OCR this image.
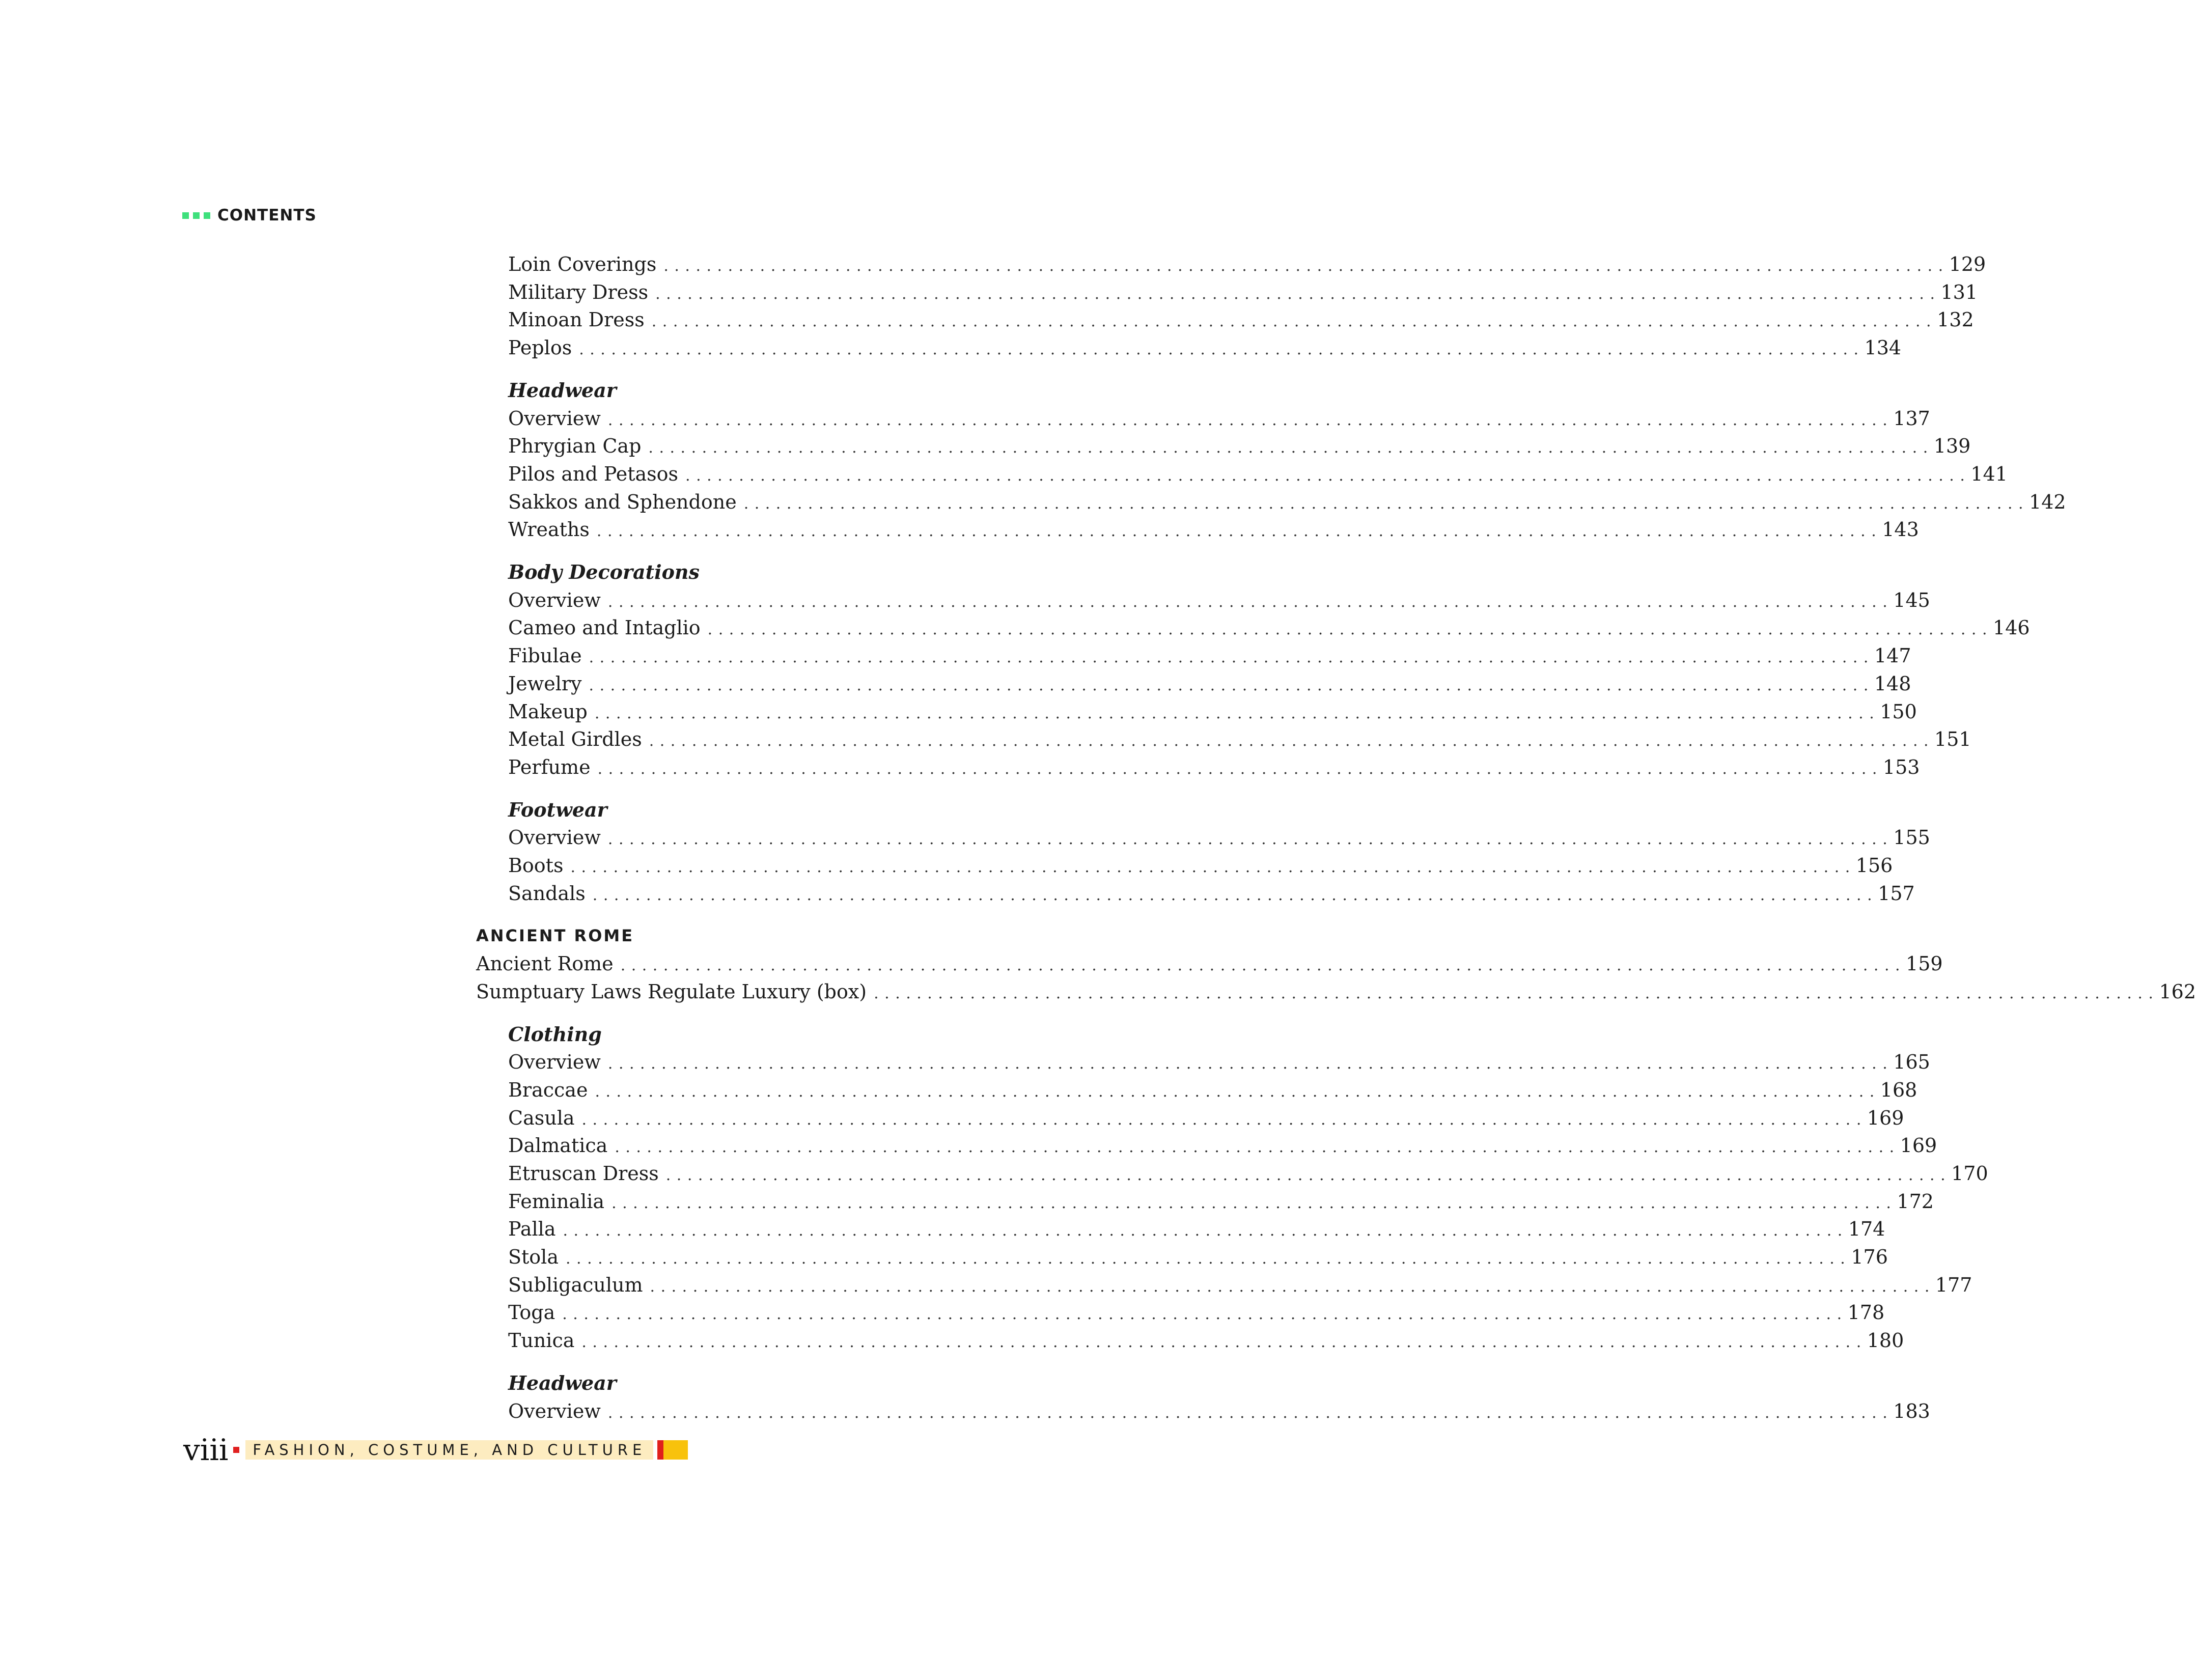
CONTENTS
Loin Coverings ........................................................................................................................ 129
Military Dress ........................................................................................................................ 131
Minoan Dress ........................................................................................................................ 132
Peplos ........................................................................................................................ 134
Headwear
Overview ........................................................................................................................ 137
Phrygian Cap ........................................................................................................................ 139
Pilos and Petasos ........................................................................................................................ 141
Sakkos and Sphendone ........................................................................................................................ 142
Wreaths ........................................................................................................................ 143
Body Decorations
Overview ........................................................................................................................ 145
Cameo and Intaglio ........................................................................................................................ 146
Fibulae ........................................................................................................................ 147
Jewelry ........................................................................................................................ 148
Makeup ........................................................................................................................ 150
Metal Girdles ........................................................................................................................ 151
Perfume ........................................................................................................................ 153
Footwear
Overview ........................................................................................................................ 155
Boots ........................................................................................................................ 156
Sandals ........................................................................................................................ 157
ANCIENT ROME
Ancient Rome ........................................................................................................................ 159
Sumptuary Laws Regulate Luxury (box) ........................................................................................................................ 162
Clothing
Overview ........................................................................................................................ 165
Braccae ........................................................................................................................ 168
Casula ........................................................................................................................ 169
Dalmatica ........................................................................................................................ 169
Etruscan Dress ........................................................................................................................ 170
Feminalia ........................................................................................................................ 172
Palla ........................................................................................................................ 174
Stola ........................................................................................................................ 176
Subligaculum ........................................................................................................................ 177
Toga ........................................................................................................................ 178
Tunica ........................................................................................................................ 180
Headwear
Overview ........................................................................................................................ 183
viii FASHION, COSTUME, AND CULTURE
